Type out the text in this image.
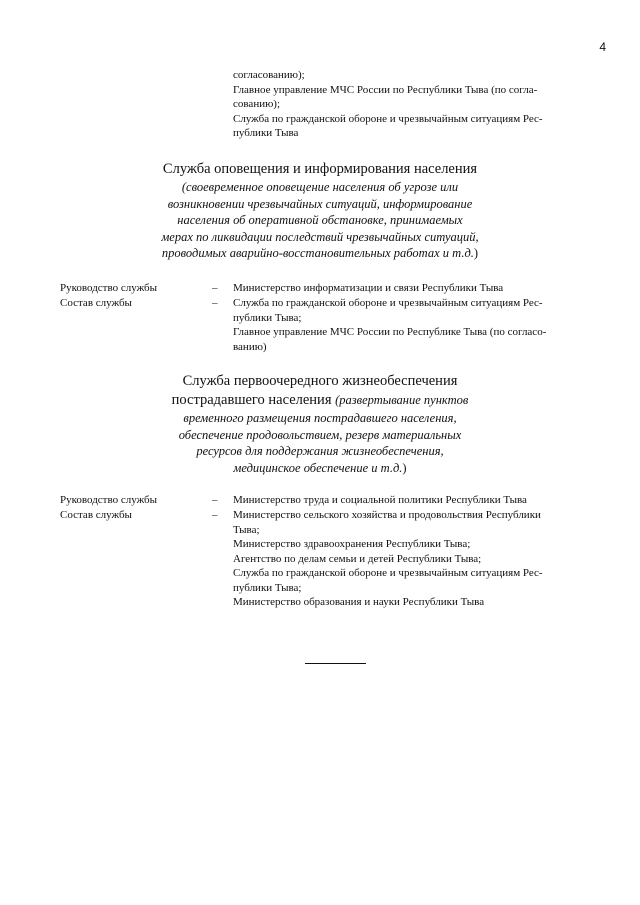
4
согласованию);
Главное управление МЧС России по Республики Тыва (по согла-
сованию);
Служба по гражданской обороне и чрезвычайным ситуациям Рес-
публики Тыва
Служба оповещения и информирования населения
(своевременное оповещение населения об угрозе или
возникновении чрезвычайных ситуаций, информирование
населения об оперативной обстановке, принимаемых
мерах по ликвидации последствий чрезвычайных ситуаций,
проводимых аварийно-восстановительных работах и т.д.)
Руководство службы	– Министерство информатизации и связи Республики Тыва
Состав службы	– Служба по гражданской обороне и чрезвычайным ситуациям Рес-
публики Тыва;
Главное управление МЧС России по Республике Тыва (по согласо-
ванию)
Служба первоочередного жизнеобеспечения
пострадавшего населения (развертывание пунктов
временного размещения пострадавшего населения,
обеспечение продовольствием, резерв материальных
ресурсов для поддержания жизнеобеспечения,
медицинское обеспечение и т.д.)
Руководство службы	– Министерство труда и социальной политики Республики Тыва
Состав службы	– Министерство сельского хозяйства и продовольствия Республики
Тыва;
Министерство здравоохранения Республики Тыва;
Агентство по делам семьи и детей Республики Тыва;
Служба по гражданской обороне и чрезвычайным ситуациям Рес-
публики Тыва;
Министерство образования и науки Республики Тыва
